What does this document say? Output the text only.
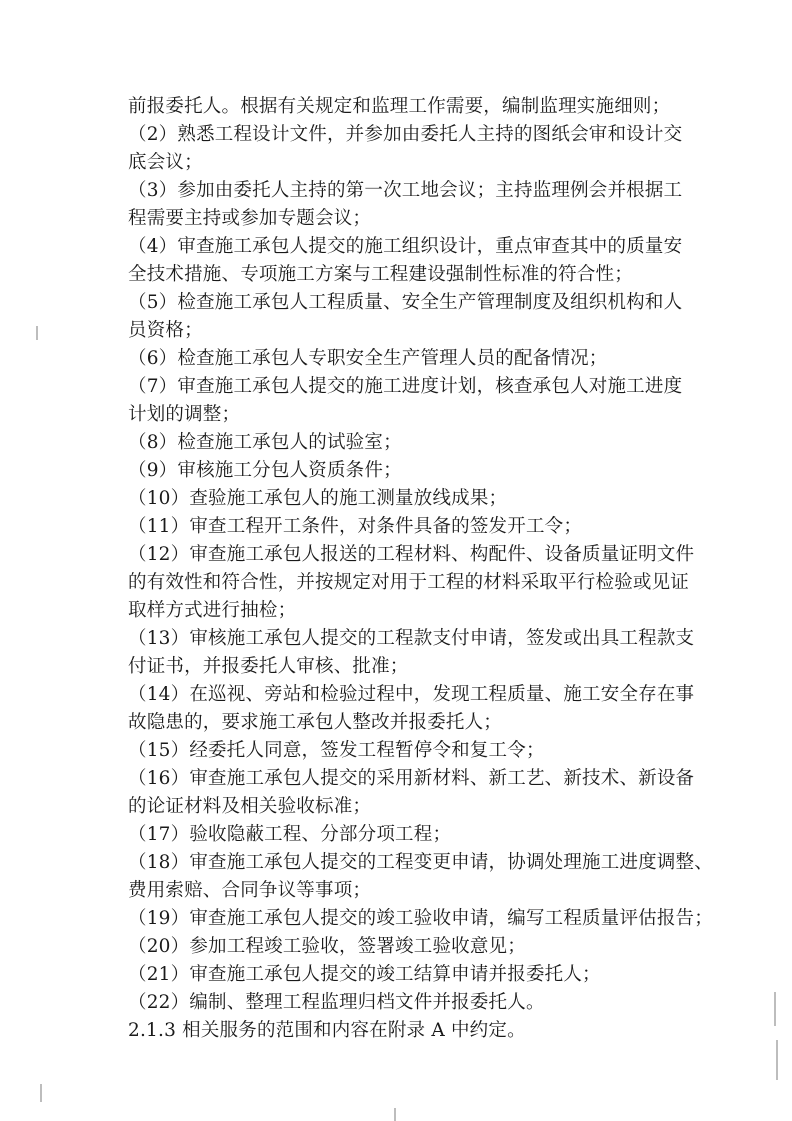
前报委托人。根据有关规定和监理工作需要，编制监理实施细则；
（2）熟悉工程设计文件，并参加由委托人主持的图纸会审和设计交
底会议；
（3）参加由委托人主持的第一次工地会议；主持监理例会并根据工
程需要主持或参加专题会议；
（4）审查施工承包人提交的施工组织设计，重点审查其中的质量安
全技术措施、专项施工方案与工程建设强制性标准的符合性；
（5）检查施工承包人工程质量、安全生产管理制度及组织机构和人
员资格；
（6）检查施工承包人专职安全生产管理人员的配备情况；
（7）审查施工承包人提交的施工进度计划，核查承包人对施工进度
计划的调整；
（8）检查施工承包人的试验室；
（9）审核施工分包人资质条件；
（10）查验施工承包人的施工测量放线成果；
（11）审查工程开工条件，对条件具备的签发开工令；
（12）审查施工承包人报送的工程材料、构配件、设备质量证明文件
的有效性和符合性，并按规定对用于工程的材料采取平行检验或见证
取样方式进行抽检；
（13）审核施工承包人提交的工程款支付申请，签发或出具工程款支
付证书，并报委托人审核、批准；
（14）在巡视、旁站和检验过程中，发现工程质量、施工安全存在事
故隐患的，要求施工承包人整改并报委托人；
（15）经委托人同意，签发工程暂停令和复工令；
（16）审查施工承包人提交的采用新材料、新工艺、新技术、新设备
的论证材料及相关验收标准；
（17）验收隐蔽工程、分部分项工程；
（18）审查施工承包人提交的工程变更申请，协调处理施工进度调整、
费用索赔、合同争议等事项；
（19）审查施工承包人提交的竣工验收申请，编写工程质量评估报告；
（20）参加工程竣工验收，签署竣工验收意见；
（21）审查施工承包人提交的竣工结算申请并报委托人；
（22）编制、整理工程监理归档文件并报委托人。
2.1.3 相关服务的范围和内容在附录 A 中约定。
